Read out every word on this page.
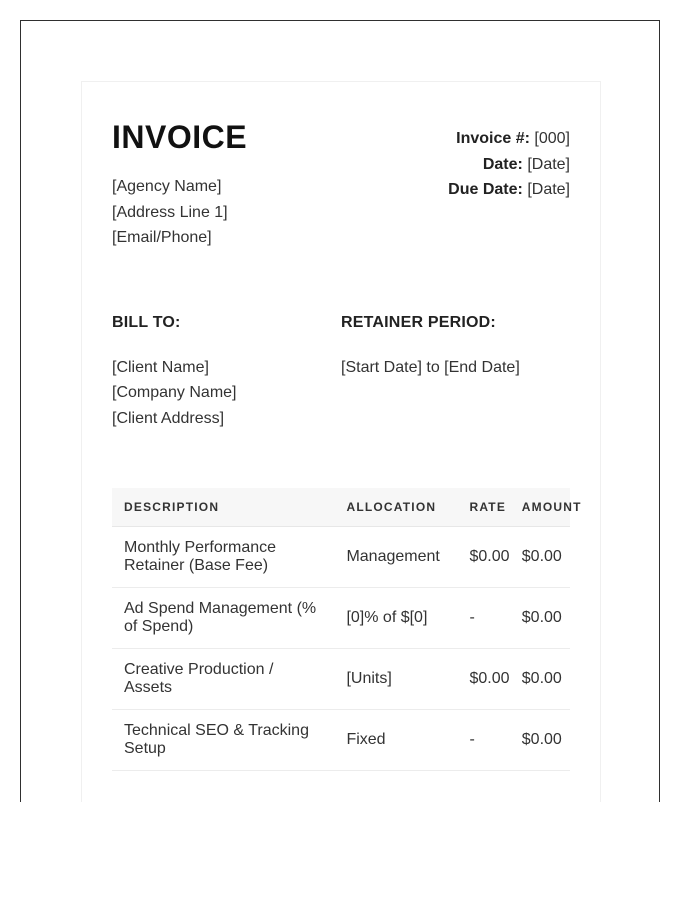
INVOICE
[Agency Name]
[Address Line 1]
[Email/Phone]
Invoice #: [000]
Date: [Date]
Due Date: [Date]
BILL TO:
[Client Name]
[Company Name]
[Client Address]
RETAINER PERIOD:
[Start Date] to [End Date]
DESCRIPTION	ALLOCATION	RATE	AMOUNT
Monthly Performance Retainer (Base Fee)	Management	$0.00	$0.00
Ad Spend Management (% of Spend)	[0]% of $[0]	-	$0.00
Creative Production / Assets	[Units]	$0.00	$0.00
Technical SEO & Tracking Setup	Fixed	-	$0.00
